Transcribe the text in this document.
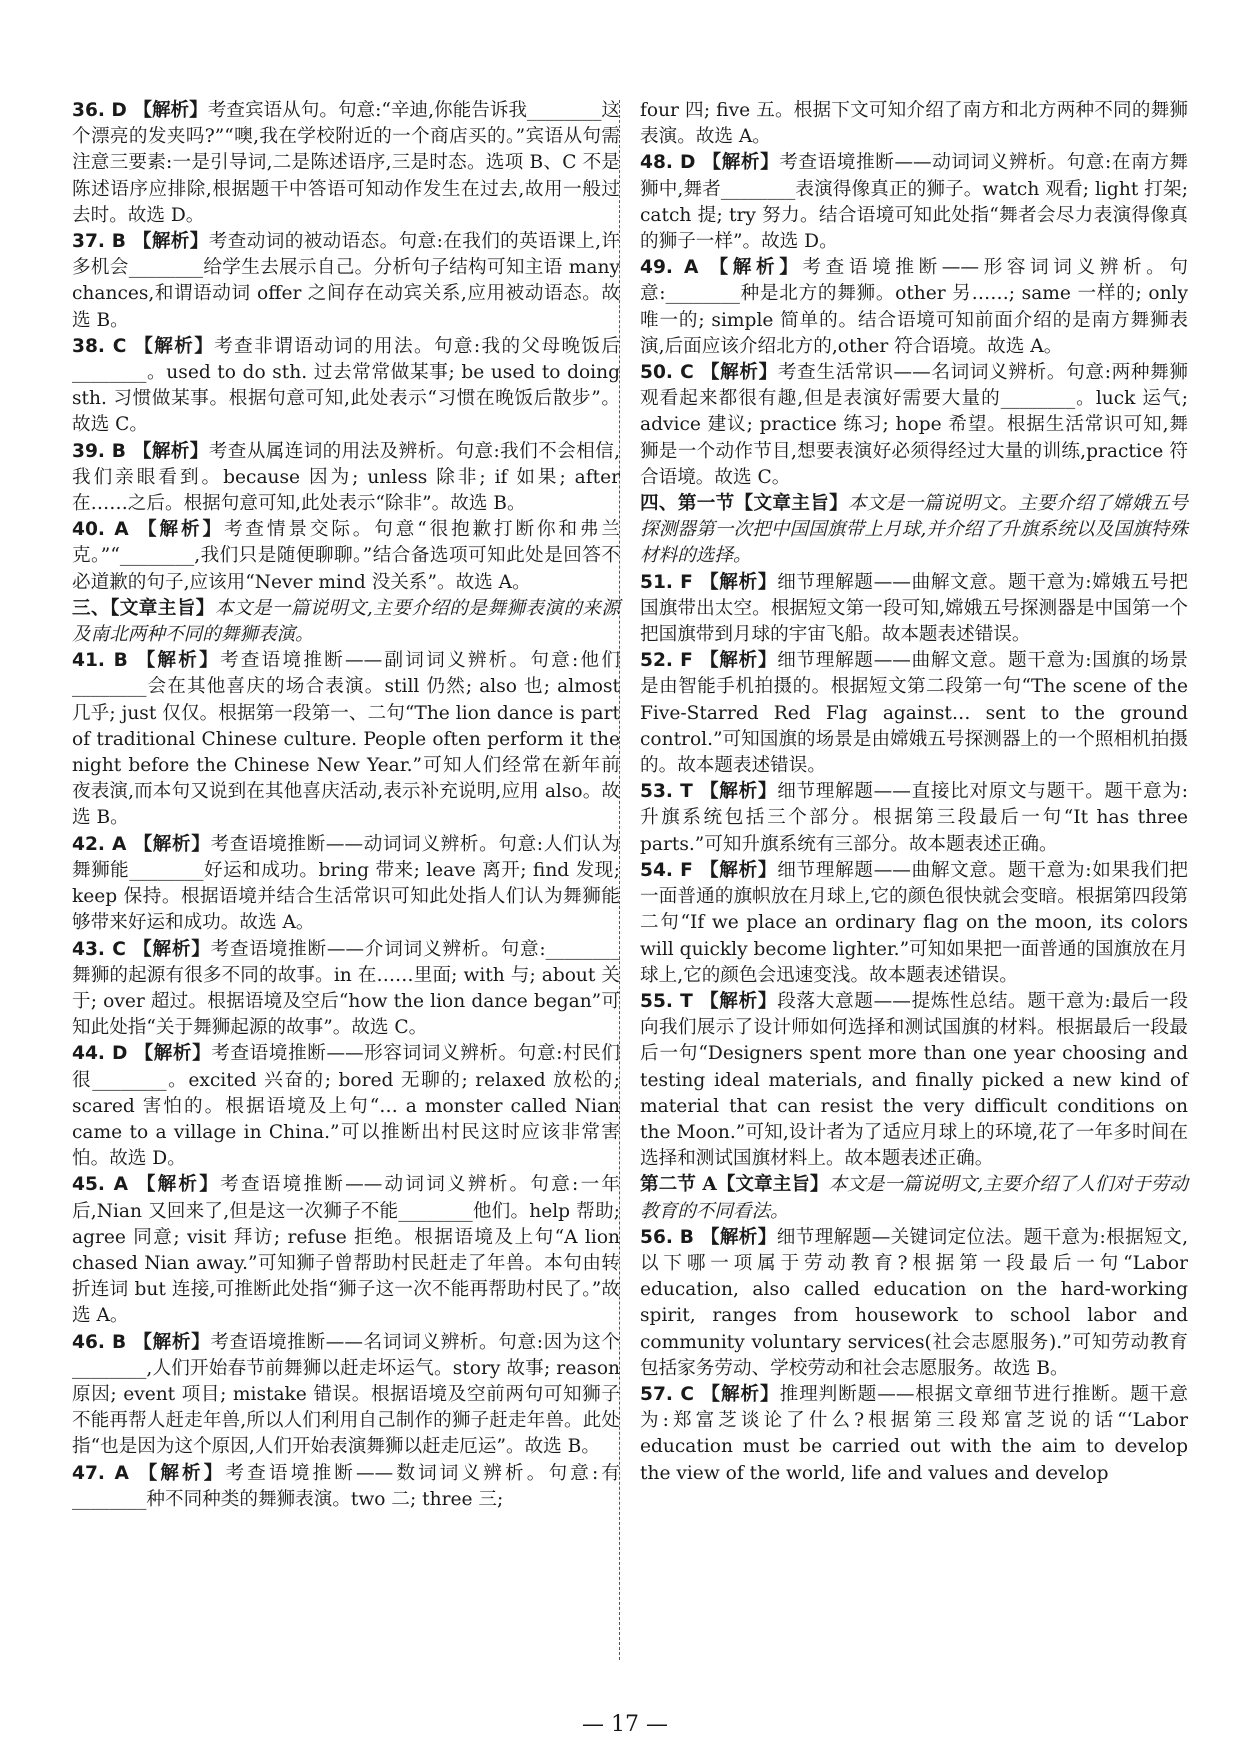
36. D 【解析】考查宾语从句。句意:“辛迪,你能告诉我________这个漂亮的发夹吗?”“噢,我在学校附近的一个商店买的。”宾语从句需注意三要素:一是引导词,二是陈述语序,三是时态。选项 B、C 不是陈述语序应排除,根据题干中答语可知动作发生在过去,故用一般过去时。故选 D。

37. B 【解析】考查动词的被动语态。句意:在我们的英语课上,许多机会________给学生去展示自己。分析句子结构可知主语 many chances,和谓语动词 offer 之间存在动宾关系,应用被动语态。故选 B。

38. C 【解析】考查非谓语动词的用法。句意:我的父母晚饭后________。used to do sth. 过去常常做某事; be used to doing sth. 习惯做某事。根据句意可知,此处表示“习惯在晚饭后散步”。故选 C。

39. B 【解析】考查从属连词的用法及辨析。句意:我们不会相信,我们亲眼看到。because 因为; unless 除非; if 如果; after 在……之后。根据句意可知,此处表示“除非”。故选 B。

40. A 【解析】考查情景交际。句意“很抱歉打断你和弗兰克。”“________,我们只是随便聊聊。”结合备选项可知此处是回答不必道歉的句子,应该用“Never mind 没关系”。故选 A。

三、【文章主旨】本文是一篇说明文,主要介绍的是舞狮表演的来源及南北两种不同的舞狮表演。

41. B 【解析】考查语境推断——副词词义辨析。句意:他们________会在其他喜庆的场合表演。still 仍然; also 也; almost 几乎; just 仅仅。根据第一段第一、二句“The lion dance is part of traditional Chinese culture. People often perform it the night before the Chinese New Year.”可知人们经常在新年前夜表演,而本句又说到在其他喜庆活动,表示补充说明,应用 also。故选 B。

42. A 【解析】考查语境推断——动词词义辨析。句意:人们认为舞狮能________好运和成功。bring 带来; leave 离开; find 发现; keep 保持。根据语境并结合生活常识可知此处指人们认为舞狮能够带来好运和成功。故选 A。

43. C 【解析】考查语境推断——介词词义辨析。句意:________舞狮的起源有很多不同的故事。in 在……里面; with 与; about 关于; over 超过。根据语境及空后“how the lion dance began”可知此处指“关于舞狮起源的故事”。故选 C。

44. D 【解析】考查语境推断——形容词词义辨析。句意:村民们很________。excited 兴奋的; bored 无聊的; relaxed 放松的; scared 害怕的。根据语境及上句“… a monster called Nian came to a village in China.”可以推断出村民这时应该非常害怕。故选 D。

45. A 【解析】考查语境推断——动词词义辨析。句意:一年后,Nian 又回来了,但是这一次狮子不能________他们。help 帮助; agree 同意; visit 拜访; refuse 拒绝。根据语境及上句“A lion chased Nian away.”可知狮子曾帮助村民赶走了年兽。本句由转折连词 but 连接,可推断此处指“狮子这一次不能再帮助村民了。”故选 A。

46. B 【解析】考查语境推断——名词词义辨析。句意:因为这个________,人们开始春节前舞狮以赶走坏运气。story 故事; reason 原因; event 项目; mistake 错误。根据语境及空前两句可知狮子不能再帮人赶走年兽,所以人们利用自己制作的狮子赶走年兽。此处指“也是因为这个原因,人们开始表演舞狮以赶走厄运”。故选 B。

47. A 【解析】考查语境推断——数词词义辨析。句意:有________种不同种类的舞狮表演。two 二; three 三;

four 四; five 五。根据下文可知介绍了南方和北方两种不同的舞狮表演。故选 A。

48. D 【解析】考查语境推断——动词词义辨析。句意:在南方舞狮中,舞者________表演得像真正的狮子。watch 观看; light 打架; catch 提; try 努力。结合语境可知此处指“舞者会尽力表演得像真的狮子一样”。故选 D。

49. A 【解析】考查语境推断——形容词词义辨析。句意:________种是北方的舞狮。other 另……; same 一样的; only 唯一的; simple 简单的。结合语境可知前面介绍的是南方舞狮表演,后面应该介绍北方的,other 符合语境。故选 A。

50. C 【解析】考查生活常识——名词词义辨析。句意:两种舞狮观看起来都很有趣,但是表演好需要大量的________。luck 运气; advice 建议; practice 练习; hope 希望。根据生活常识可知,舞狮是一个动作节目,想要表演好必须得经过大量的训练,practice 符合语境。故选 C。

四、第一节【文章主旨】本文是一篇说明文。主要介绍了嫦娥五号探测器第一次把中国国旗带上月球,并介绍了升旗系统以及国旗特殊材料的选择。

51. F 【解析】细节理解题——曲解文意。题干意为:嫦娥五号把国旗带出太空。根据短文第一段可知,嫦娥五号探测器是中国第一个把国旗带到月球的宇宙飞船。故本题表述错误。

52. F 【解析】细节理解题——曲解文意。题干意为:国旗的场景是由智能手机拍摄的。根据短文第二段第一句“The scene of the Five-Starred Red Flag against… sent to the ground control.”可知国旗的场景是由嫦娥五号探测器上的一个照相机拍摄的。故本题表述错误。

53. T 【解析】细节理解题——直接比对原文与题干。题干意为:升旗系统包括三个部分。根据第三段最后一句“It has three parts.”可知升旗系统有三部分。故本题表述正确。

54. F 【解析】细节理解题——曲解文意。题干意为:如果我们把一面普通的旗帜放在月球上,它的颜色很快就会变暗。根据第四段第二句“If we place an ordinary flag on the moon, its colors will quickly become lighter.”可知如果把一面普通的国旗放在月球上,它的颜色会迅速变浅。故本题表述错误。

55. T 【解析】段落大意题——提炼性总结。题干意为:最后一段向我们展示了设计师如何选择和测试国旗的材料。根据最后一段最后一句“Designers spent more than one year choosing and testing ideal materials, and finally picked a new kind of material that can resist the very difficult conditions on the Moon.”可知,设计者为了适应月球上的环境,花了一年多时间在选择和测试国旗材料上。故本题表述正确。

第二节 A【文章主旨】本文是一篇说明文,主要介绍了人们对于劳动教育的不同看法。

56. B 【解析】细节理解题—关键词定位法。题干意为:根据短文,以下哪一项属于劳动教育?根据第一段最后一句“Labor education, also called education on the hard-working spirit, ranges from housework to school labor and community voluntary services(社会志愿服务).”可知劳动教育包括家务劳动、学校劳动和社会志愿服务。故选 B。

57. C 【解析】推理判断题——根据文章细节进行推断。题干意为:郑富芝谈论了什么?根据第三段郑富芝说的话“‘Labor education must be carried out with the aim to develop the view of the world, life and values and develop

— 17 —
